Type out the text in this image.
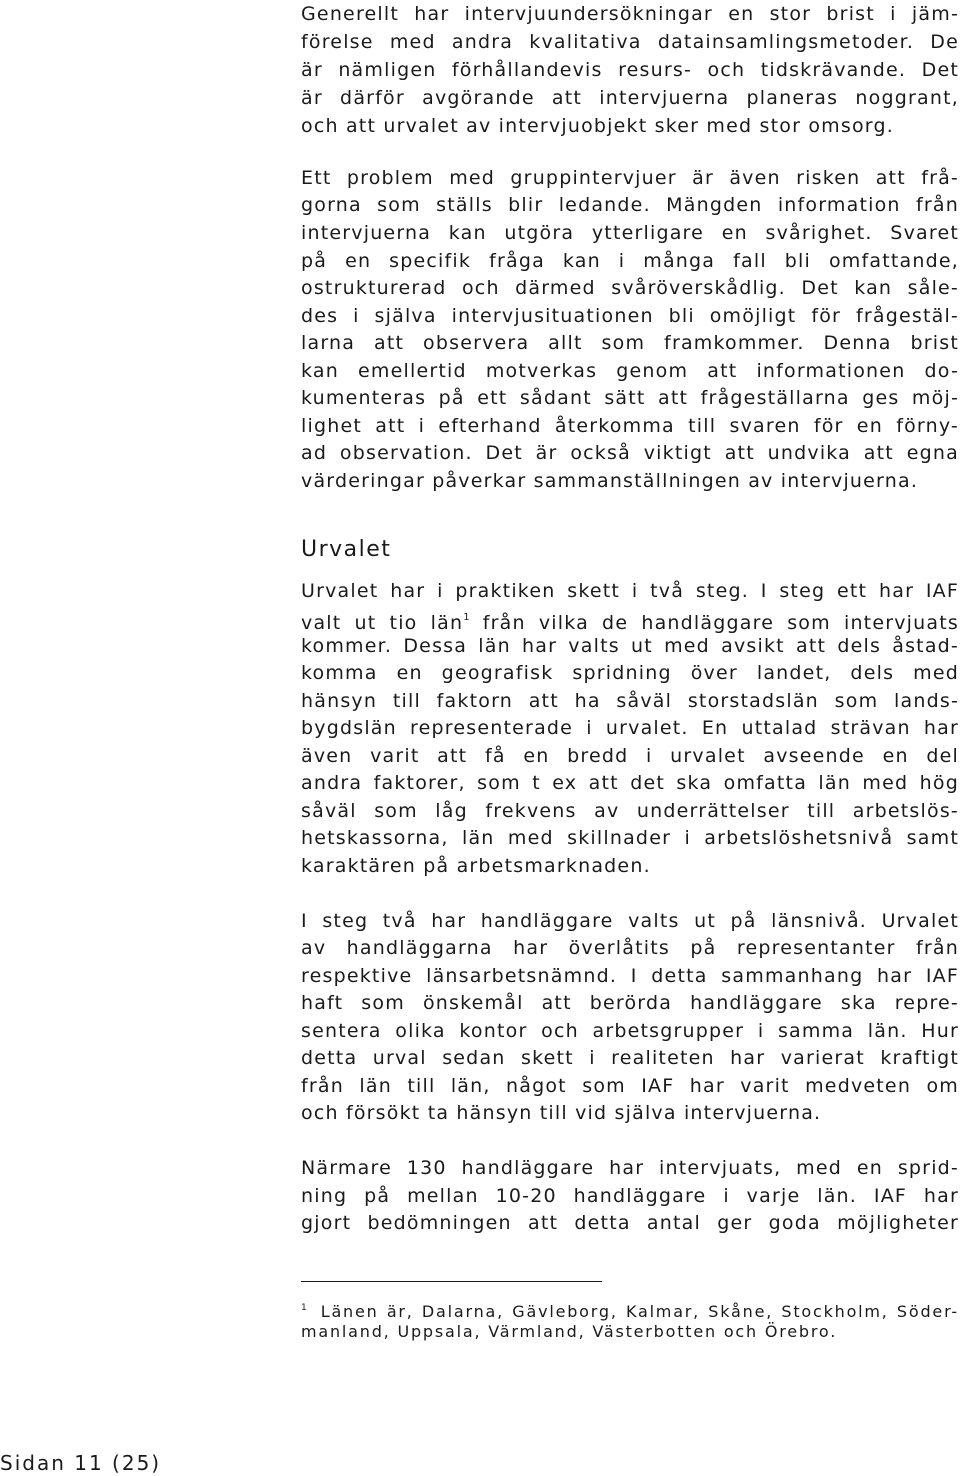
Generellt har intervjuundersökningar en stor brist i jäm-
förelse med andra kvalitativa datainsamlingsmetoder. De
är nämligen förhållandevis resurs- och tidskrävande. Det
är därför avgörande att intervjuerna planeras noggrant,
och att urvalet av intervjuobjekt sker med stor omsorg.
Ett problem med gruppintervjuer är även risken att frå-
gorna som ställs blir ledande. Mängden information från
intervjuerna kan utgöra ytterligare en svårighet. Svaret
på en specifik fråga kan i många fall bli omfattande,
ostrukturerad och därmed svåröverskådlig. Det kan såle-
des i själva intervjusituationen bli omöjligt för frågestäl-
larna att observera allt som framkommer. Denna brist
kan emellertid motverkas genom att informationen do-
kumenteras på ett sådant sätt att frågeställarna ges möj-
lighet att i efterhand återkomma till svaren för en förny-
ad observation. Det är också viktigt att undvika att egna
värderingar påverkar sammanställningen av intervjuerna.
Urvalet
Urvalet har i praktiken skett i två steg. I steg ett har IAF
valt ut tio län$^1$ från vilka de handläggare som intervjuats
kommer. Dessa län har valts ut med avsikt att dels åstad-
komma en geografisk spridning över landet, dels med
hänsyn till faktorn att ha såväl storstadslän som lands-
bygdslän representerade i urvalet. En uttalad strävan har
även varit att få en bredd i urvalet avseende en del
andra faktorer, som t ex att det ska omfatta län med hög
såväl som låg frekvens av underrättelser till arbetslös-
hetskassorna, län med skillnader i arbetslöshetsnivå samt
karaktären på arbetsmarknaden.
I steg två har handläggare valts ut på länsnivå. Urvalet
av handläggarna har överlåtits på representanter från
respektive länsarbetsnämnd. I detta sammanhang har IAF
haft som önskemål att berörda handläggare ska repre-
sentera olika kontor och arbetsgrupper i samma län. Hur
detta urval sedan skett i realiteten har varierat kraftigt
från län till län, något som IAF har varit medveten om
och försökt ta hänsyn till vid själva intervjuerna.
Närmare 130 handläggare har intervjuats, med en sprid-
ning på mellan 10-20 handläggare i varje län. IAF har
gjort bedömningen att detta antal ger goda möjligheter
$^1$ Länen är, Dalarna, Gävleborg, Kalmar, Skåne, Stockholm, Söder-
manland, Uppsala, Värmland, Västerbotten och Örebro.
Sidan 11 (25)
